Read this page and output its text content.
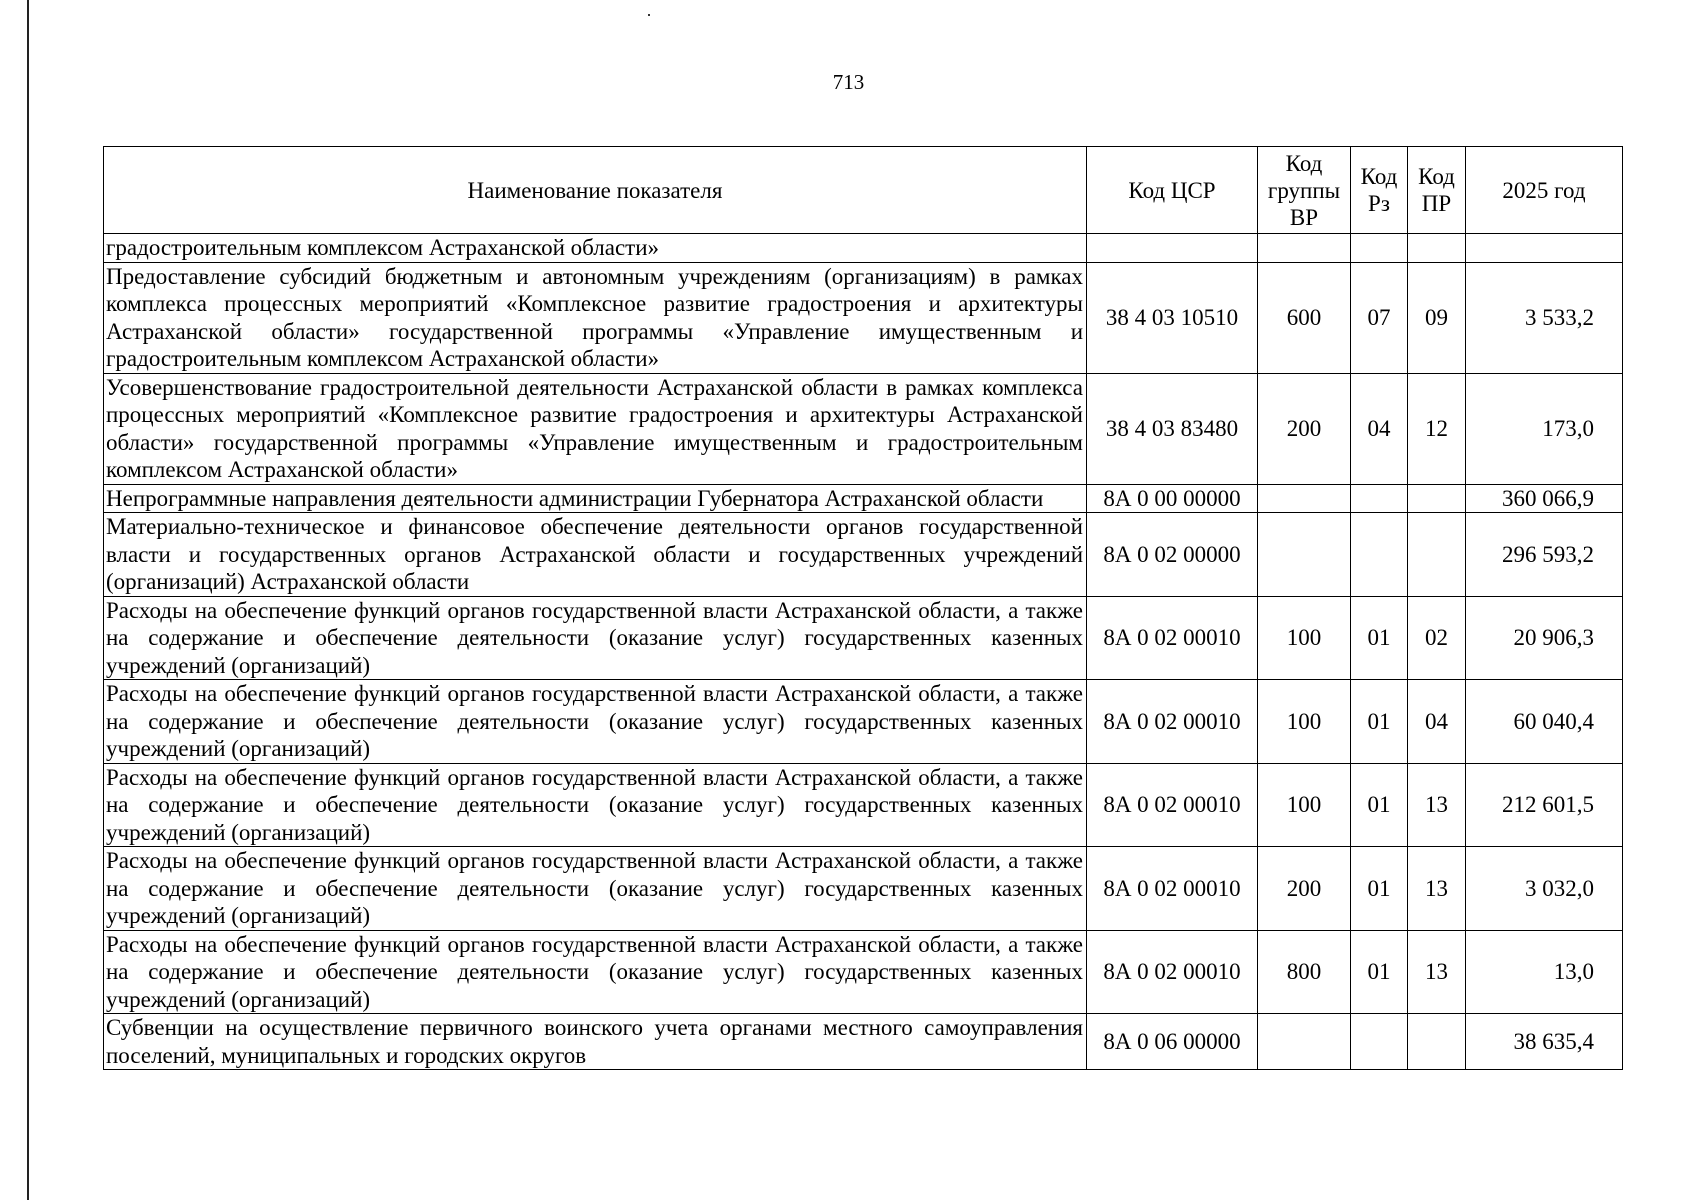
713
Наименование показателя	Код ЦСР	Код группы ВР	Код Рз	Код ПР	2025 год
градостроительным комплексом Астраханской области»					
Предоставление субсидий бюджетным и автономным учреждениям (организациям) в рамках комплекса процессных мероприятий «Комплексное развитие градостроения и архитектуры Астраханской области» государственной программы «Управление имущественным и градостроительным комплексом Астраханской области»	38 4 03 10510	600	07	09	3 533,2
Усовершенствование градостроительной деятельности Астраханской области в рамках комплекса процессных мероприятий «Комплексное развитие градостроения и архитектуры Астраханской области» государственной программы «Управление имущественным и градостроительным комплексом Астраханской области»	38 4 03 83480	200	04	12	173,0
Непрограммные направления деятельности администрации Губернатора Астраханской области	8А 0 00 00000				360 066,9
Материально-техническое и финансовое обеспечение деятельности органов государственной власти и государственных органов Астраханской области и государственных учреждений (организаций) Астраханской области	8А 0 02 00000				296 593,2
Расходы на обеспечение функций органов государственной власти Астраханской области, а также на содержание и обеспечение деятельности (оказание услуг) государственных казенных учреждений (организаций)	8А 0 02 00010	100	01	02	20 906,3
Расходы на обеспечение функций органов государственной власти Астраханской области, а также на содержание и обеспечение деятельности (оказание услуг) государственных казенных учреждений (организаций)	8А 0 02 00010	100	01	04	60 040,4
Расходы на обеспечение функций органов государственной власти Астраханской области, а также на содержание и обеспечение деятельности (оказание услуг) государственных казенных учреждений (организаций)	8А 0 02 00010	100	01	13	212 601,5
Расходы на обеспечение функций органов государственной власти Астраханской области, а также на содержание и обеспечение деятельности (оказание услуг) государственных казенных учреждений (организаций)	8А 0 02 00010	200	01	13	3 032,0
Расходы на обеспечение функций органов государственной власти Астраханской области, а также на содержание и обеспечение деятельности (оказание услуг) государственных казенных учреждений (организаций)	8А 0 02 00010	800	01	13	13,0
Субвенции на осуществление первичного воинского учета органами местного самоуправления поселений, муниципальных и городских округов	8А 0 06 00000				38 635,4
